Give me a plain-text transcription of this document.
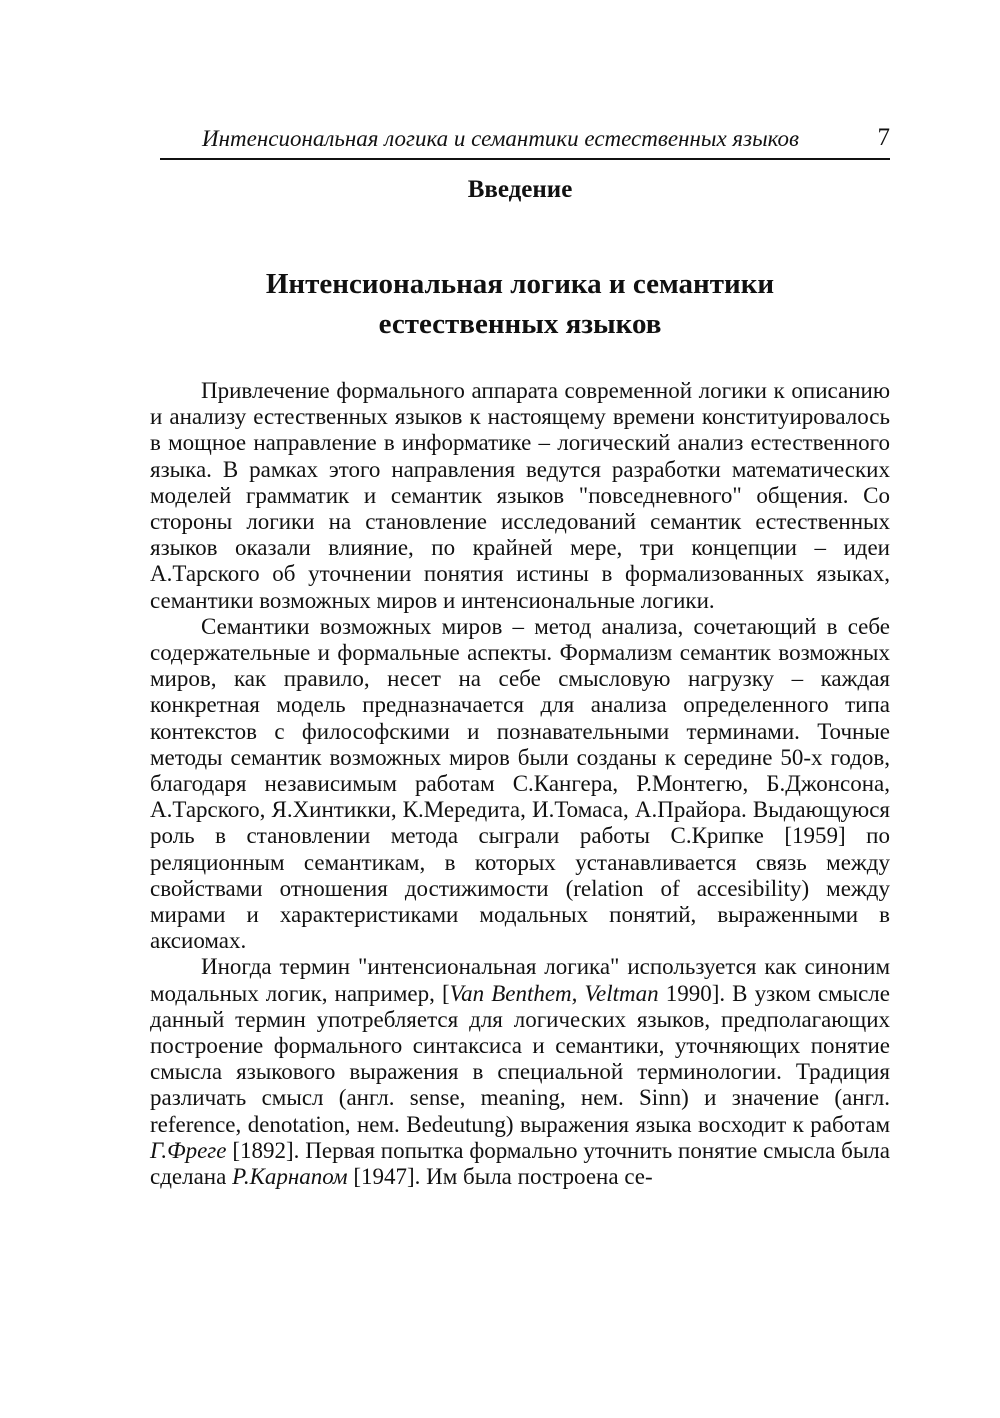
Интенсиональная логика и семантики естественных языков	7
Введение
Интенсиональная логика и семантики
естественных языков

Привлечение формального аппарата современной логики к описанию и анализу естественных языков к настоящему времени конституировалось в мощное направление в информатике – логический анализ естественного языка. В рамках этого направления ведутся разработки математических моделей грамматик и семантик языков "повседневного" общения. Со стороны логики на становление исследований семантик естественных языков оказали влияние, по крайней мере, три концепции – идеи А.Тарского об уточнении понятия истины в формализованных языках, семантики возможных миров и интенсиональные логики.

Семантики возможных миров – метод анализа, сочетающий в себе содержательные и формальные аспекты. Формализм семантик возможных миров, как правило, несет на себе смысловую нагрузку – каждая конкретная модель предназначается для анализа определенного типа контекстов с философскими и познавательными терминами. Точные методы семантик возможных миров были созданы к середине 50-х годов, благодаря независимым работам С.Кангера, Р.Монтегю, Б.Джонсона, А.Тарского, Я.Хинтикки, К.Мередита, И.Томаса, А.Прайора. Выдающуюся роль в становлении метода сыграли работы С.Крипке [1959] по реляционным семантикам, в которых устанавливается связь между свойствами отношения достижимости (relation of accesibility) между мирами и характеристиками модальных понятий, выраженными в аксиомах.

Иногда термин "интенсиональная логика" используется как синоним модальных логик, например, [Van Benthem, Veltman 1990]. В узком смысле данный термин употребляется для логических языков, предполагающих построение формального синтаксиса и семантики, уточняющих понятие смысла языкового выражения в специальной терминологии. Традиция различать смысл (англ. sense, meaning, нем. Sinn) и значение (англ. reference, denotation, нем. Bedeutung) выражения языка восходит к работам Г.Фреге [1892]. Первая попытка формально уточнить понятие смысла была сделана Р.Карнапом [1947]. Им была построена се-
